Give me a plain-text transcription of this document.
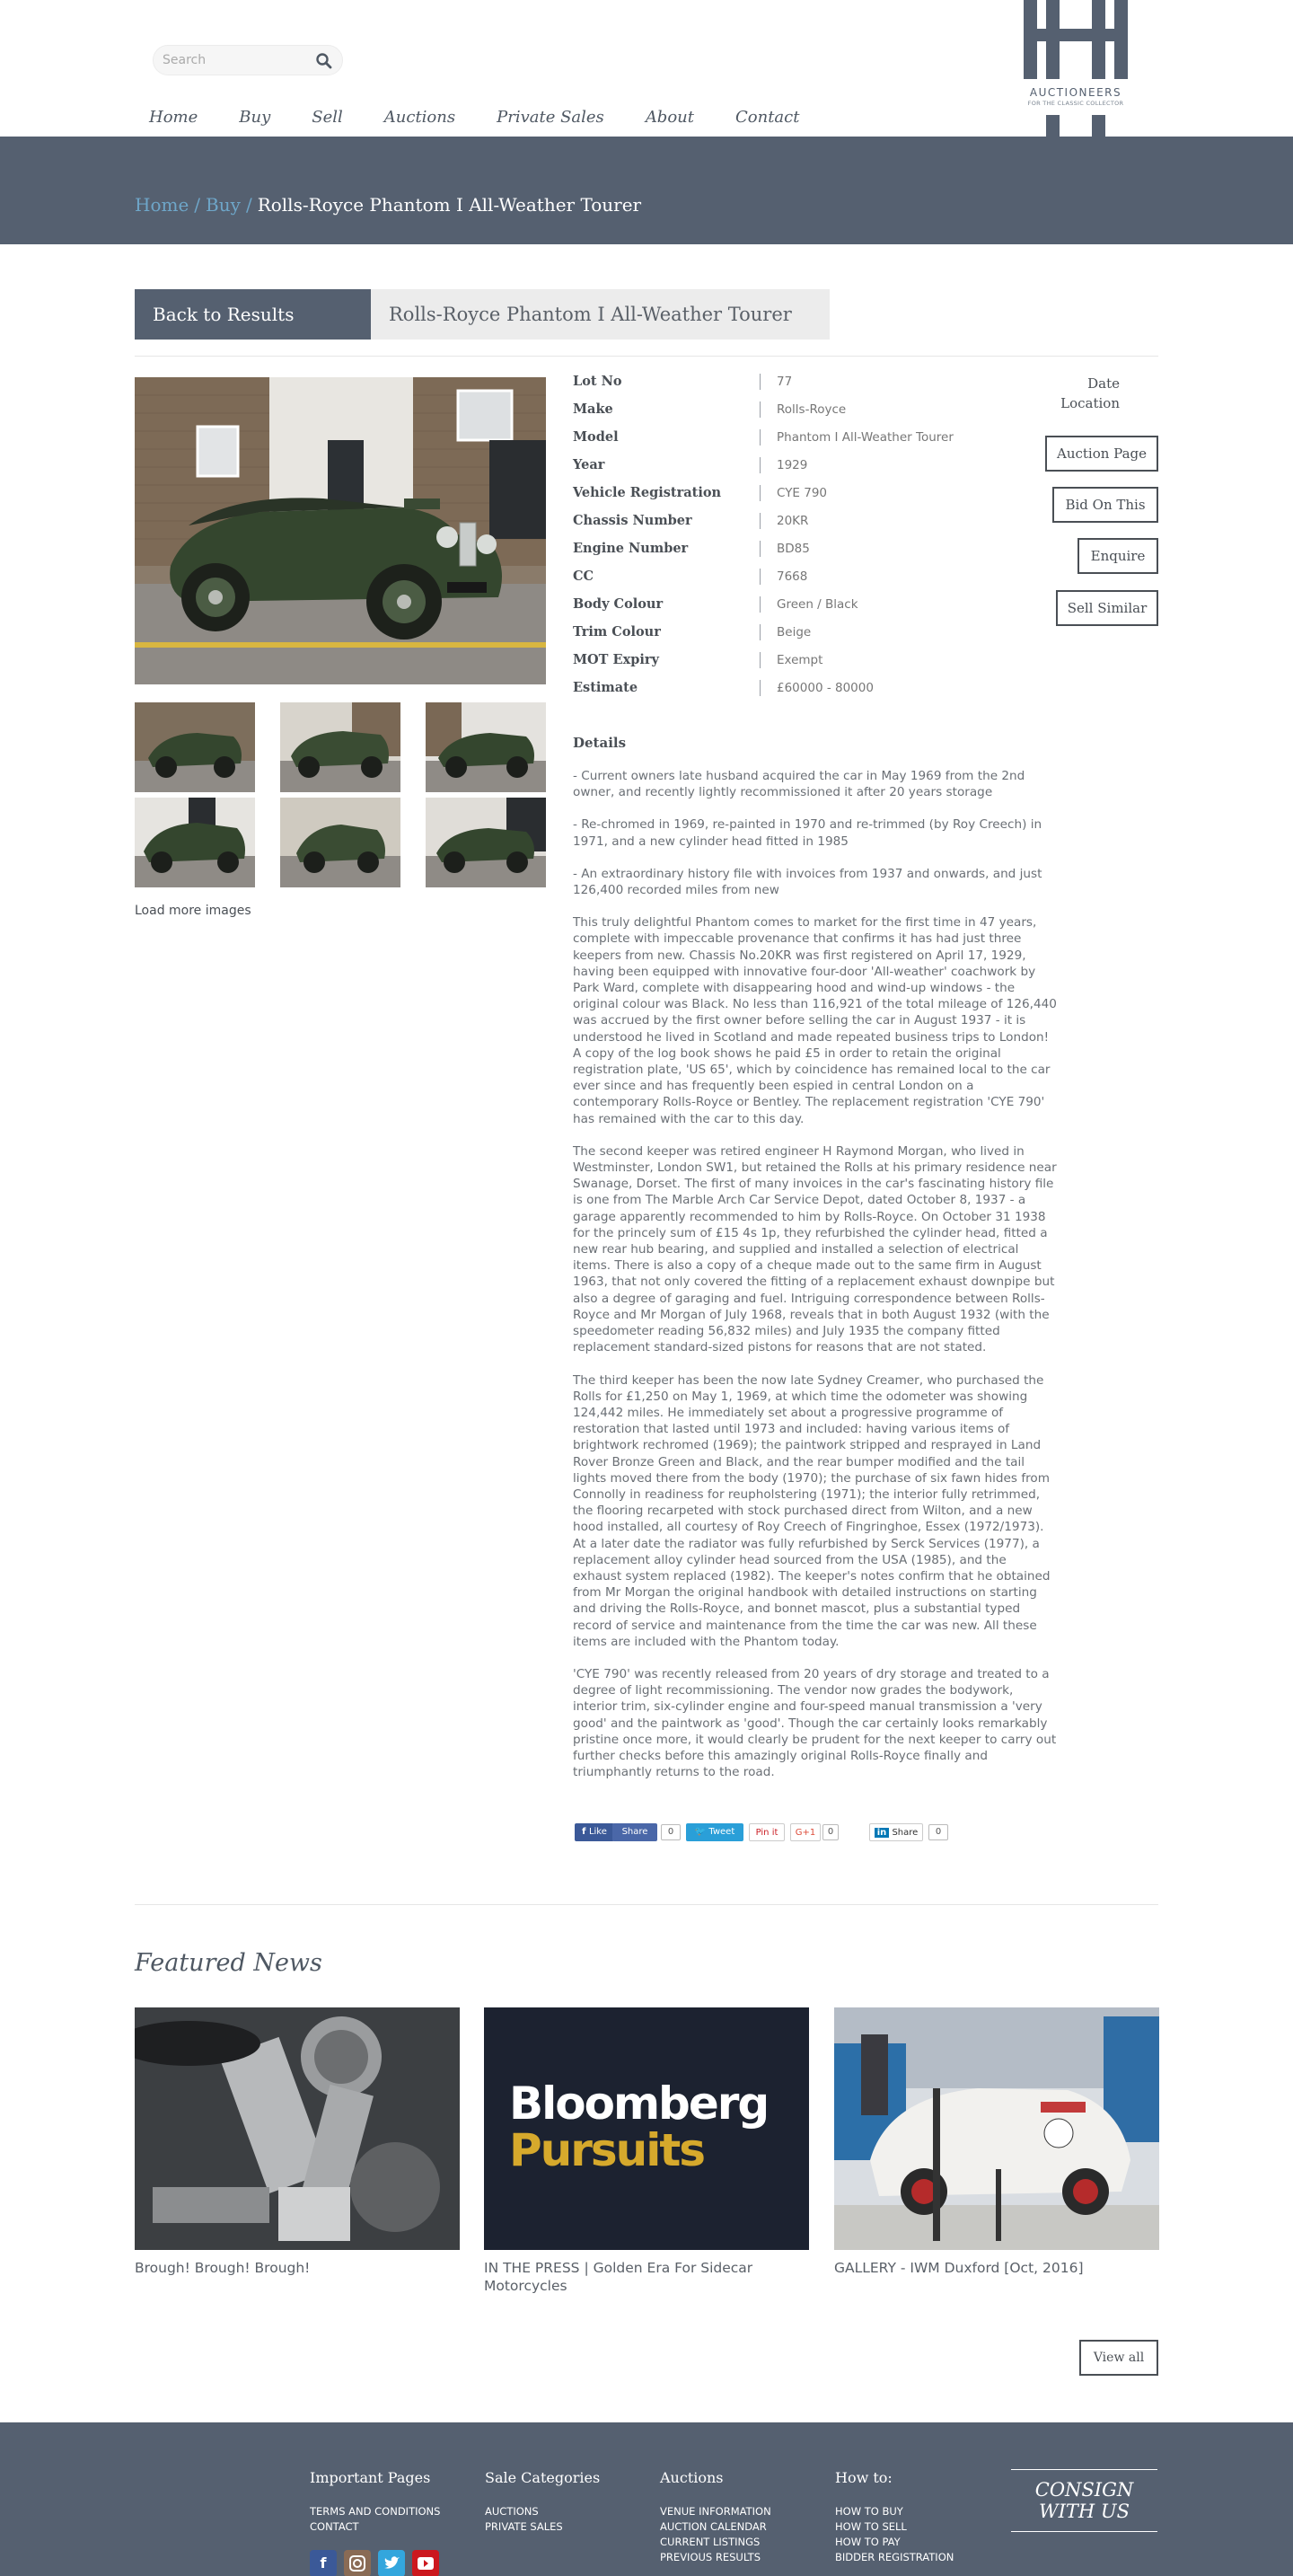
Search
Home	Buy	Sell	Auctions	Private Sales	About	Contact
AND
AUCTIONEERS
FOR THE CLASSIC COLLECTOR
Home / Buy / Rolls-Royce Phantom I All-Weather Tourer
Back to Results	Rolls-Royce Phantom I All-Weather Tourer
Load more images
Lot No	77
Make	Rolls-Royce
Model	Phantom I All-Weather Tourer
Year	1929
Vehicle Registration	CYE 790
Chassis Number	20KR
Engine Number	BD85
CC	7668
Body Colour	Green / Black
Trim Colour	Beige
MOT Expiry	Exempt
Estimate	£60000 - 80000
Date
Location
Auction Page
Bid On This
Enquire
Sell Similar
Details

- Current owners late husband acquired the car in May 1969 from the 2nd owner, and recently lightly recommissioned it after 20 years storage

- Re-chromed in 1969, re-painted in 1970 and re-trimmed (by Roy Creech) in 1971, and a new cylinder head fitted in 1985

- An extraordinary history file with invoices from 1937 and onwards, and just 126,400 recorded miles from new

This truly delightful Phantom comes to market for the first time in 47 years, complete with impeccable provenance that confirms it has had just three keepers from new. Chassis No.20KR was first registered on April 17, 1929, having been equipped with innovative four-door 'All-weather' coachwork by Park Ward, complete with disappearing hood and wind-up windows - the original colour was Black. No less than 116,921 of the total mileage of 126,440 was accrued by the first owner before selling the car in August 1937 - it is understood he lived in Scotland and made repeated business trips to London! A copy of the log book shows he paid £5 in order to retain the original registration plate, 'US 65', which by coincidence has remained local to the car ever since and has frequently been espied in central London on a contemporary Rolls-Royce or Bentley. The replacement registration 'CYE 790' has remained with the car to this day.

The second keeper was retired engineer H Raymond Morgan, who lived in Westminster, London SW1, but retained the Rolls at his primary residence near Swanage, Dorset. The first of many invoices in the car's fascinating history file is one from The Marble Arch Car Service Depot, dated October 8, 1937 - a garage apparently recommended to him by Rolls-Royce. On October 31 1938 for the princely sum of £15 4s 1p, they refurbished the cylinder head, fitted a new rear hub bearing, and supplied and installed a selection of electrical items. There is also a copy of a cheque made out to the same firm in August 1963, that not only covered the fitting of a replacement exhaust downpipe but also a degree of garaging and fuel. Intriguing correspondence between Rolls-Royce and Mr Morgan of July 1968, reveals that in both August 1932 (with the speedometer reading 56,832 miles) and July 1935 the company fitted replacement standard-sized pistons for reasons that are not stated.

The third keeper has been the now late Sydney Creamer, who purchased the Rolls for £1,250 on May 1, 1969, at which time the odometer was showing 124,442 miles. He immediately set about a progressive programme of restoration that lasted until 1973 and included: having various items of brightwork rechromed (1969); the paintwork stripped and resprayed in Land Rover Bronze Green and Black, and the rear bumper modified and the tail lights moved there from the body (1970); the purchase of six fawn hides from Connolly in readiness for reupholstering (1971); the interior fully retrimmed, the flooring recarpeted with stock purchased direct from Wilton, and a new hood installed, all courtesy of Roy Creech of Fingringhoe, Essex (1972/1973). At a later date the radiator was fully refurbished by Serck Services (1977), a replacement alloy cylinder head sourced from the USA (1985), and the exhaust system replaced (1982). The keeper's notes confirm that he obtained from Mr Morgan the original handbook with detailed instructions on starting and driving the Rolls-Royce, and bonnet mascot, plus a substantial typed record of service and maintenance from the time the car was new. All these items are included with the Phantom today.

'CYE 790' was recently released from 20 years of dry storage and treated to a degree of light recommissioning. The vendor now grades the bodywork, interior trim, six-cylinder engine and four-speed manual transmission a 'very good' and the paintwork as 'good'. Though the car certainly looks remarkably pristine once more, it would clearly be prudent for the next keeper to carry out further checks before this amazingly original Rolls-Royce finally and triumphantly returns to the road.

f Like	Share	0	🐦 Tweet	Pin it	G+1	0	in Share	0
Featured News
Bloomberg
Pursuits
Brough! Brough! Brough!	IN THE PRESS | Golden Era For Sidecar Motorcycles
GALLERY - IWM Duxford [Oct, 2016]
View all
Important Pages
TERMS AND CONDITIONS
CONTACT
Sale Categories
AUCTIONS
PRIVATE SALES
Auctions
VENUE INFORMATION
AUCTION CALENDAR
CURRENT LISTINGS
PREVIOUS RESULTS
How to:
HOW TO BUY
HOW TO SELL
HOW TO PAY
BIDDER REGISTRATION
CONSIGN
WITH US
f
